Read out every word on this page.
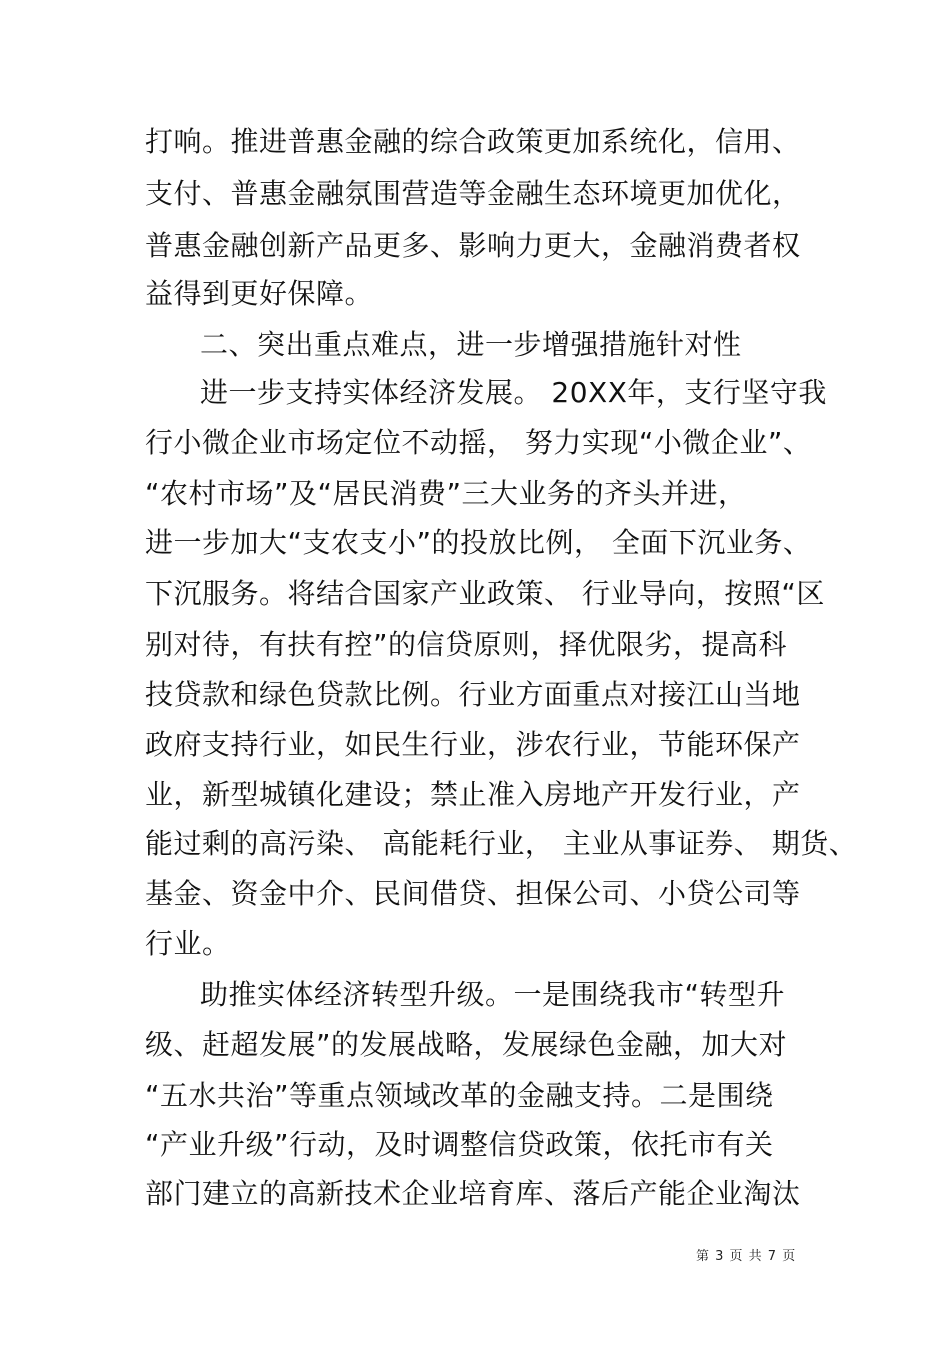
打响。推进普惠金融的综合政策更加系统化，信用、
支付、普惠金融氛围营造等金融生态环境更加优化，
普惠金融创新产品更多、影响力更大，金融消费者权
益得到更好保障。
二、突出重点难点，进一步增强措施针对性
进一步支持实体经济发展。 20XX年，支行坚守我
行小微企业市场定位不动摇， 努力实现“小微企业”、
“农村市场”及“居民消费”三大业务的齐头并进，
进一步加大“支农支小”的投放比例， 全面下沉业务、
下沉服务。将结合国家产业政策、 行业导向，按照“区
别对待，有扶有控”的信贷原则，择优限劣，提高科
技贷款和绿色贷款比例。行业方面重点对接江山当地
政府支持行业，如民生行业，涉农行业，节能环保产
业，新型城镇化建设；禁止准入房地产开发行业，产
能过剩的高污染、 高能耗行业， 主业从事证券、 期货、
基金、资金中介、民间借贷、担保公司、小贷公司等
行业。
助推实体经济转型升级。一是围绕我市“转型升
级、赶超发展”的发展战略，发展绿色金融，加大对
“五水共治”等重点领域改革的金融支持。二是围绕
“产业升级”行动，及时调整信贷政策，依托市有关
部门建立的高新技术企业培育库、落后产能企业淘汰
第 3 页 共 7 页
